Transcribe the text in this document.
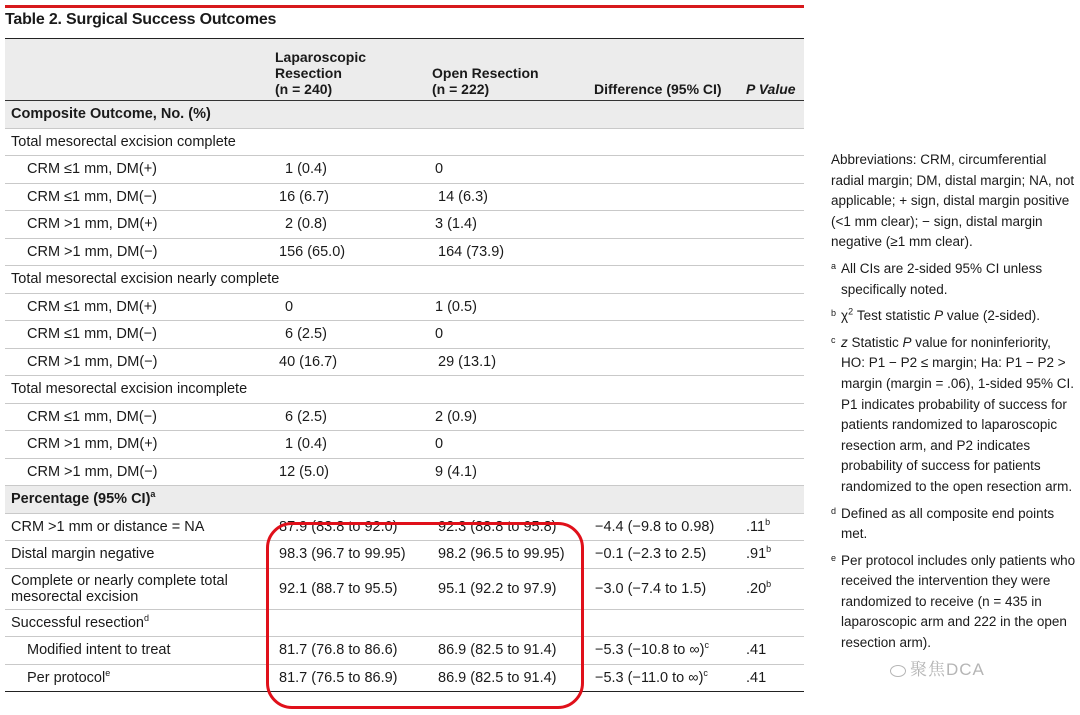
Table 2. Surgical Success Outcomes
	Laparoscopic
Resection
(n = 240)	Open Resection
(n = 222)	Difference (95% CI)	P Value
Composite Outcome, No. (%)				
Total mesorectal excision complete				
CRM ≤1 mm, DM(+)	1 (0.4)	0		
CRM ≤1 mm, DM(−)	16 (6.7)	14 (6.3)		
CRM >1 mm, DM(+)	2 (0.8)	3 (1.4)		
CRM >1 mm, DM(−)	156 (65.0)	164 (73.9)		
Total mesorectal excision nearly complete				
CRM ≤1 mm, DM(+)	0	1 (0.5)		
CRM ≤1 mm, DM(−)	6 (2.5)	0		
CRM >1 mm, DM(−)	40 (16.7)	29 (13.1)		
Total mesorectal excision incomplete				
CRM ≤1 mm, DM(−)	6 (2.5)	2 (0.9)		
CRM >1 mm, DM(+)	1 (0.4)	0		
CRM >1 mm, DM(−)	12 (5.0)	9 (4.1)		
Percentage (95% CI)$^a$				
CRM >1 mm or distance = NA	87.9 (83.8 to 92.0)	92.3 (88.8 to 95.8)	−4.4 (−9.8 to 0.98)	.11$^b$
Distal margin negative	98.3 (96.7 to 99.95)	98.2 (96.5 to 99.95)	−0.1 (−2.3 to 2.5)	.91$^b$
Complete or nearly complete total mesorectal excision	92.1 (88.7 to 95.5)	95.1 (92.2 to 97.9)	−3.0 (−7.4 to 1.5)	.20$^b$
Successful resection$^d$				
Modified intent to treat	81.7 (76.8 to 86.6)	86.9 (82.5 to 91.4)	−5.3 (−10.8 to ∞)$^c$	.41
Per protocol$^e$	81.7 (76.5 to 86.9)	86.9 (82.5 to 91.4)	−5.3 (−11.0 to ∞)$^c$	.41

Abbreviations: CRM, circumferential radial margin; DM, distal margin; NA, not applicable; + sign, distal margin positive (<1 mm clear); − sign, distal margin negative (≥1 mm clear).

a All CIs are 2-sided 95% CI unless specifically noted.

b $\chi^2$ Test statistic P value (2-sided).

c z Statistic P value for noninferiority, HO: P1 − P2 ≤ margin; Ha: P1 − P2 > margin (margin = .06), 1-sided 95% CI. P1 indicates probability of success for patients randomized to laparoscopic resection arm, and P2 indicates probability of success for patients randomized to the open resection arm.

d Defined as all composite end points met.

e Per protocol includes only patients who received the intervention they were randomized to receive (n = 435 in laparoscopic arm and 222 in the open resection arm).

聚焦DCA
